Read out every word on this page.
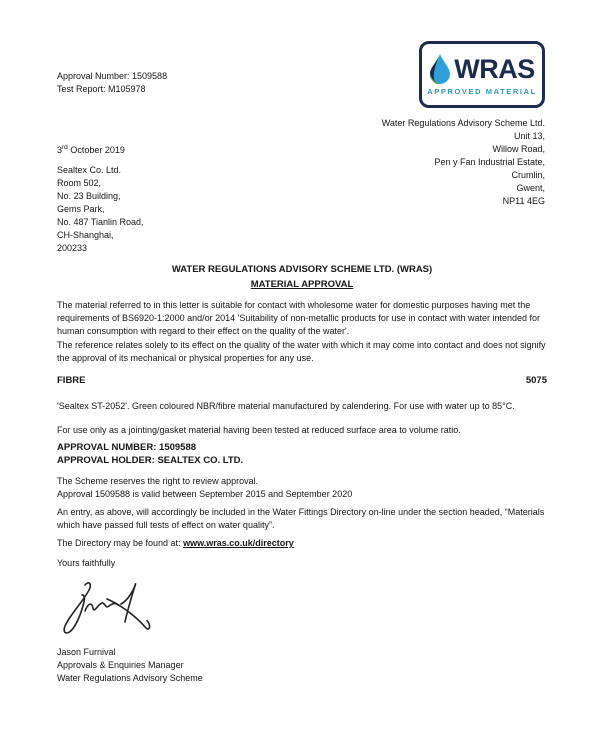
Approval Number: 1509588
Test Report: M105978
WRAS
APPROVED MATERIAL
Water Regulations Advisory Scheme Ltd.
Unit 13,
Willow Road,
Pen y Fan Industrial Estate,
Crumlin,
Gwent,
NP11 4EG
3rd October 2019
Sealtex Co. Ltd.
Room 502,
No. 23 Building,
Gems Park,
No. 487 Tianlin Road,
CH-Shanghai,
200233
WATER REGULATIONS ADVISORY SCHEME LTD. (WRAS)
MATERIAL APPROVAL

The material referred to in this letter is suitable for contact with wholesome water for domestic purposes having met the requirements of BS6920-1:2000 and/or 2014 'Suitability of non-metallic products for use in contact with water intended for human consumption with regard to their effect on the quality of the water'.

The reference relates solely to its effect on the quality of the water with which it may come into contact and does not signify the approval of its mechanical or physical properties for any use.

FIBRE	5075

'Sealtex ST-2052'. Green coloured NBR/fibre material manufactured by calendering. For use with water up to 85°C.

For use only as a jointing/gasket material having been tested at reduced surface area to volume ratio.

APPROVAL NUMBER: 1509588
APPROVAL HOLDER: SEALTEX CO. LTD.
The Scheme reserves the right to review approval.
Approval 1509588 is valid between September 2015 and September 2020

An entry, as above, will accordingly be included in the Water Fittings Directory on-line under the section headed, “Materials which have passed full tests of effect on water quality”.

The Directory may be found at: www.wras.co.uk/directory
Yours faithfully
Jason Furnival
Approvals & Enquiries Manager
Water Regulations Advisory Scheme
